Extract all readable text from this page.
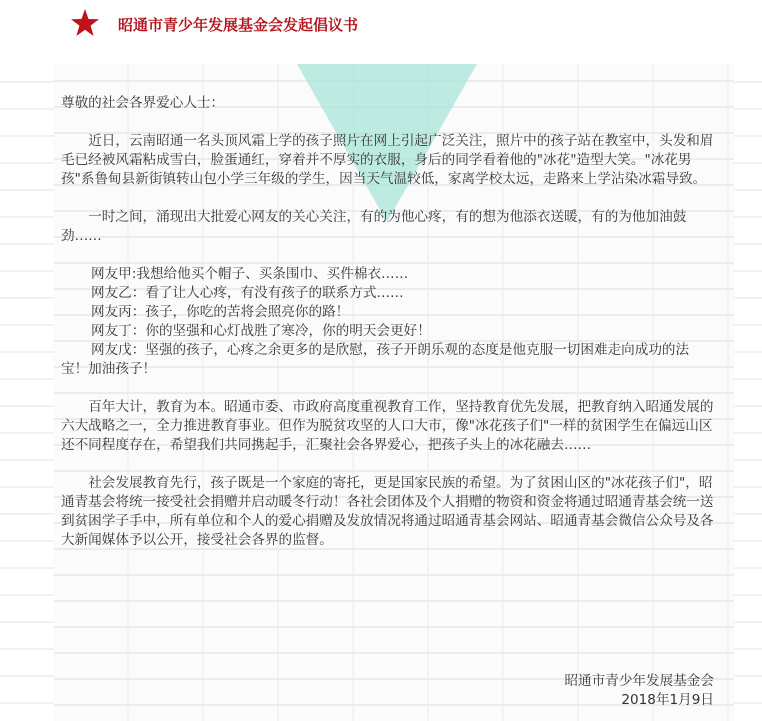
昭通市青少年发展基金会发起倡议书

尊敬的社会各界爱心人士：

近日，云南昭通一名头顶风霜上学的孩子照片在网上引起广泛关注，照片中的孩子站在教室中，头发和眉毛已经被风霜粘成雪白，脸蛋通红，穿着并不厚实的衣服，身后的同学看着他的"冰花"造型大笑。"冰花男孩"系鲁甸县新街镇转山包小学三年级的学生，因当天气温较低，家离学校太远，走路来上学沾染冰霜导致。

一时之间，涌现出大批爱心网友的关心关注，有的为他心疼，有的想为他添衣送暖，有的为他加油鼓劲……

网友甲:我想给他买个帽子、买条围巾、买件棉衣……

网友乙：看了让人心疼，有没有孩子的联系方式……

网友丙：孩子，你吃的苦将会照亮你的路！

网友丁：你的坚强和心灯战胜了寒冷，你的明天会更好！

网友戊：坚强的孩子，心疼之余更多的是欣慰，孩子开朗乐观的态度是他克服一切困难走向成功的法宝！加油孩子！

百年大计，教育为本。昭通市委、市政府高度重视教育工作，坚持教育优先发展，把教育纳入昭通发展的六大战略之一，全力推进教育事业。但作为脱贫攻坚的人口大市，像"冰花孩子们"一样的贫困学生在偏远山区还不同程度存在，希望我们共同携起手，汇聚社会各界爱心，把孩子头上的冰花融去……

社会发展教育先行，孩子既是一个家庭的寄托，更是国家民族的希望。为了贫困山区的"冰花孩子们"，昭通青基会将统一接受社会捐赠并启动暖冬行动！各社会团体及个人捐赠的物资和资金将通过昭通青基会统一送到贫困学子手中，所有单位和个人的爱心捐赠及发放情况将通过昭通青基会网站、昭通青基会微信公众号及各大新闻媒体予以公开，接受社会各界的监督。

昭通市青少年发展基金会
2018年1月9日
